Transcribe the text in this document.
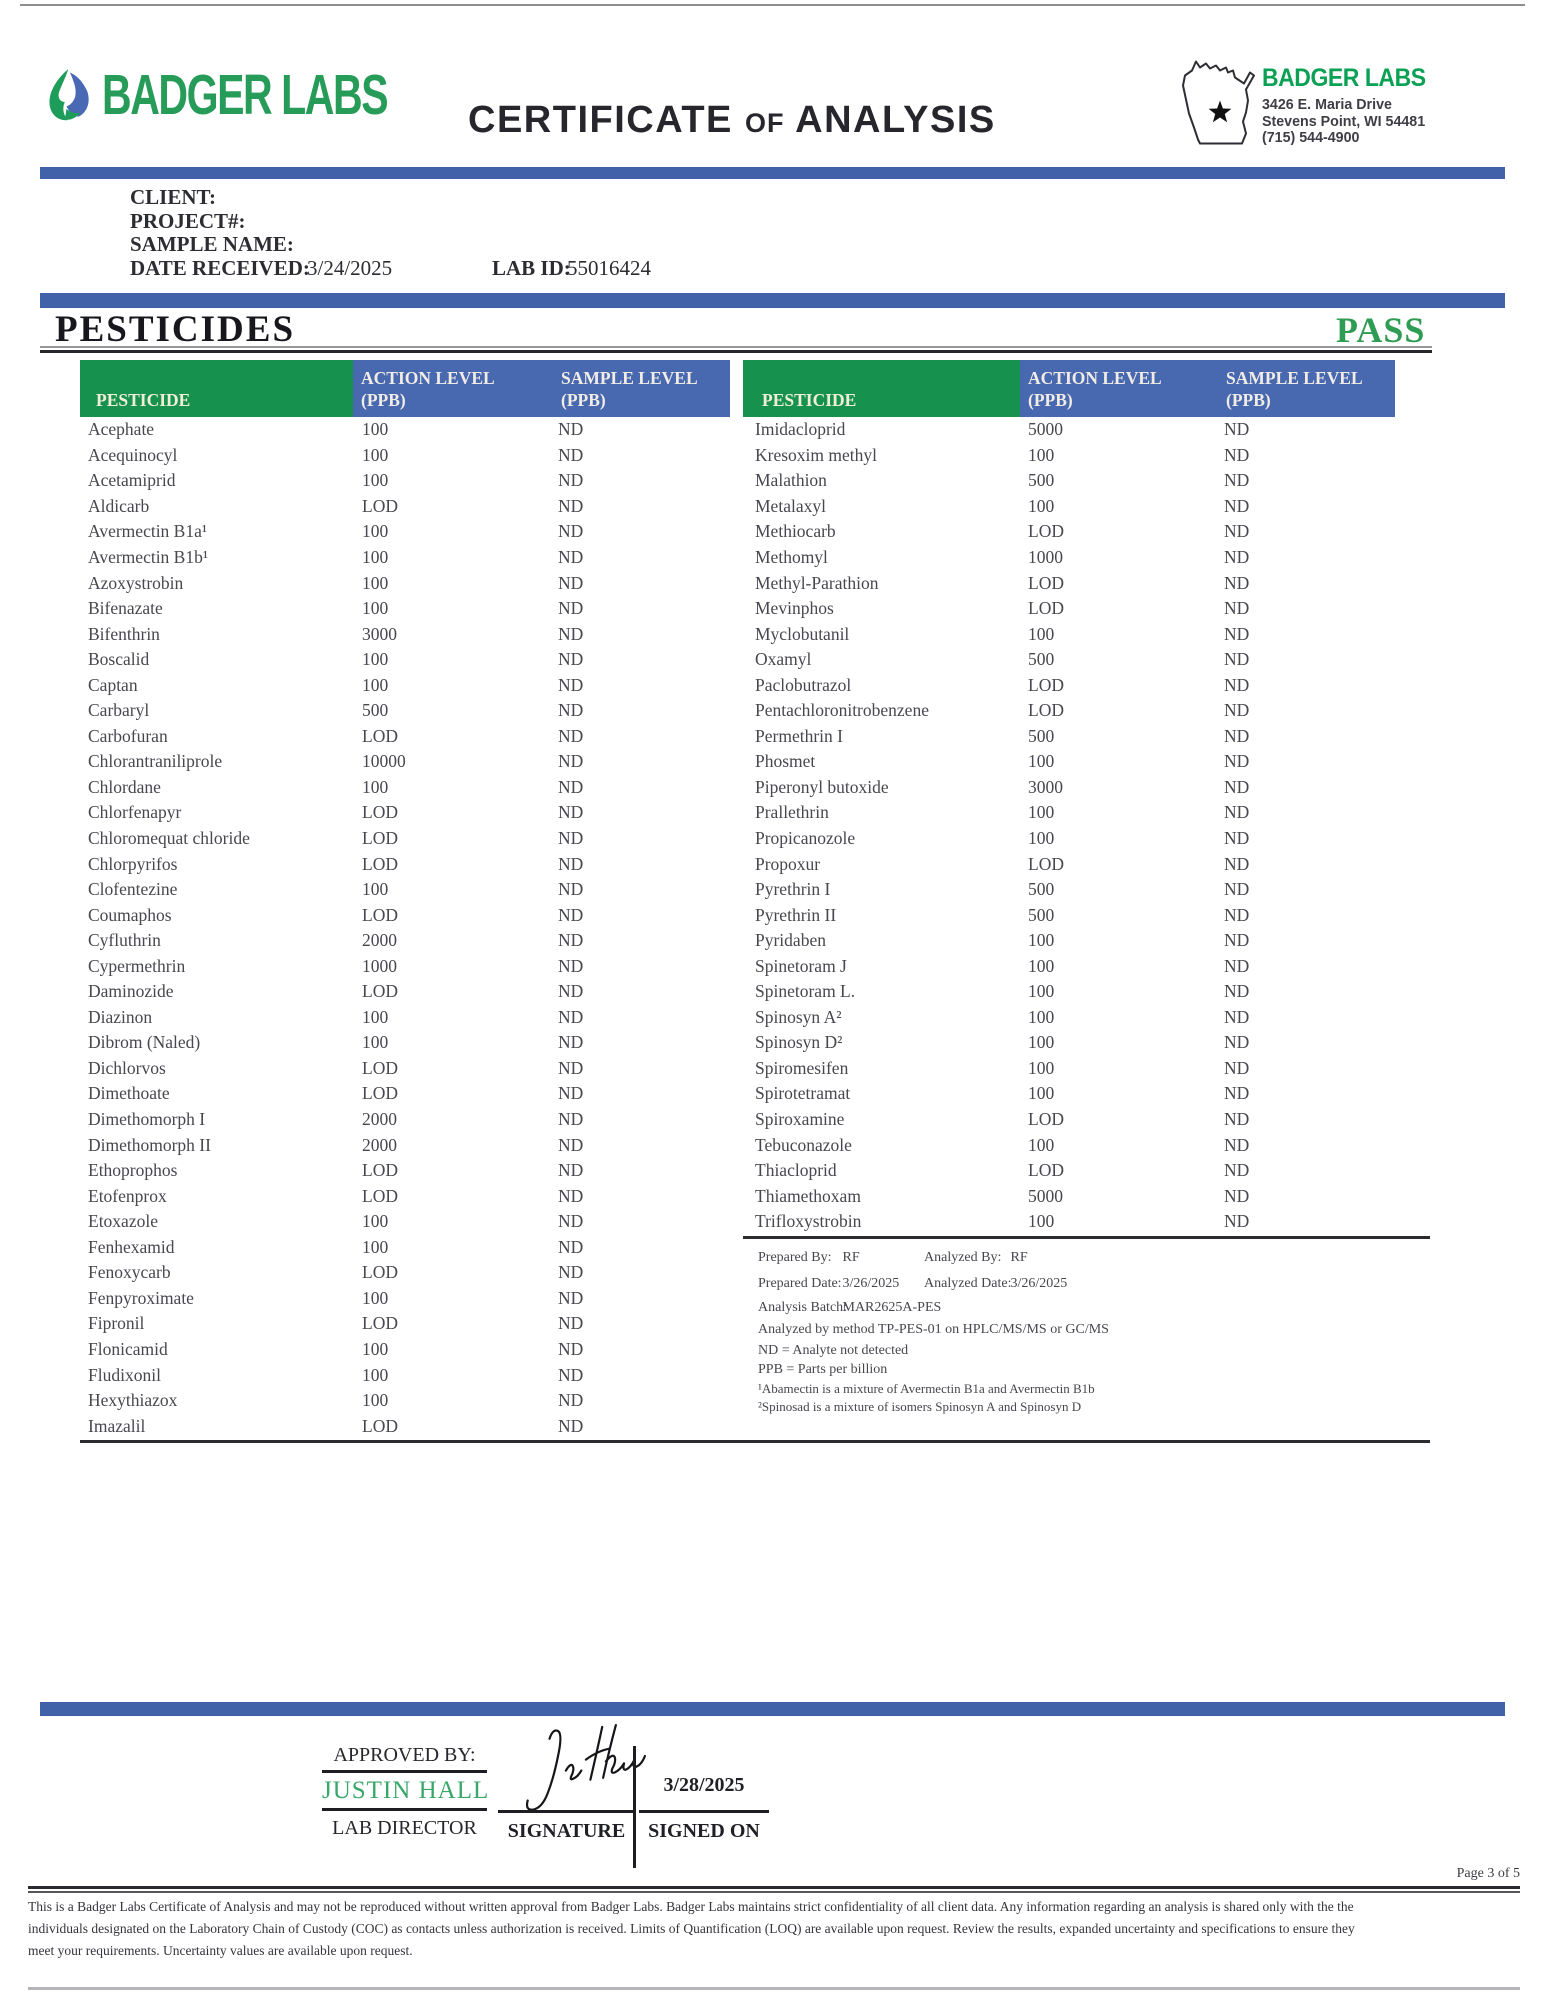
BADGER LABS CERTIFICATE OF ANALYSIS
BADGER LABS
3426 E. Maria Drive
Stevens Point, WI 54481
(715) 544-4900
CLIENT:
PROJECT#:
SAMPLE NAME:
DATE RECEIVED:
3/24/2025	LAB ID:
55016424
PESTICIDES	PASS
PESTICIDE
ACTION LEVEL
(PPB)
SAMPLE LEVEL
(PPB)
Acephate	100	ND
Acequinocyl	100	ND
Acetamiprid	100	ND
Aldicarb	LOD	ND
Avermectin B1a¹	100	ND
Avermectin B1b¹	100	ND
Azoxystrobin	100	ND
Bifenazate	100	ND
Bifenthrin	3000	ND
Boscalid	100	ND
Captan	100	ND
Carbaryl	500	ND
Carbofuran	LOD	ND
Chlorantraniliprole	10000	ND
Chlordane	100	ND
Chlorfenapyr	LOD	ND
Chloromequat chloride	LOD	ND
Chlorpyrifos	LOD	ND
Clofentezine	100	ND
Coumaphos	LOD	ND
Cyfluthrin	2000	ND
Cypermethrin	1000	ND
Daminozide	LOD	ND
Diazinon	100	ND
Dibrom (Naled)	100	ND
Dichlorvos	LOD	ND
Dimethoate	LOD	ND
Dimethomorph I	2000	ND
Dimethomorph II	2000	ND
Ethoprophos	LOD	ND
Etofenprox	LOD	ND
Etoxazole	100	ND
Fenhexamid	100	ND
Fenoxycarb	LOD	ND
Fenpyroximate	100	ND
Fipronil	LOD	ND
Flonicamid	100	ND
Fludixonil	100	ND
Hexythiazox	100	ND
Imazalil	LOD	ND
PESTICIDE
ACTION LEVEL
(PPB)
SAMPLE LEVEL
(PPB)
Imidacloprid	5000	ND
Kresoxim methyl	100	ND
Malathion	500	ND
Metalaxyl	100	ND
Methiocarb	LOD	ND
Methomyl	1000	ND
Methyl-Parathion	LOD	ND
Mevinphos	LOD	ND
Myclobutanil	100	ND
Oxamyl	500	ND
Paclobutrazol	LOD	ND
Pentachloronitrobenzene	LOD	ND
Permethrin I	500	ND
Phosmet	100	ND
Piperonyl butoxide	3000	ND
Prallethrin	100	ND
Propicanozole	100	ND
Propoxur	LOD	ND
Pyrethrin I	500	ND
Pyrethrin II	500	ND
Pyridaben	100	ND
Spinetoram J	100	ND
Spinetoram L.	100	ND
Spinosyn A²	100	ND
Spinosyn D²	100	ND
Spiromesifen	100	ND
Spirotetramat	100	ND
Spiroxamine	LOD	ND
Tebuconazole	100	ND
Thiacloprid	LOD	ND
Thiamethoxam	5000	ND
Trifloxystrobin	100	ND
Prepared By: RF	Analyzed By: RF
Prepared Date: 3/26/2025 Analyzed Date: 3/26/2025
Analysis Batch: MAR2625A-PES
Analyzed by method TP-PES-01 on HPLC/MS/MS or GC/MS
ND = Analyte not detected
PPB = Parts per billion
¹Abamectin is a mixture of Avermectin B1a and Avermectin B1b
²Spinosad is a mixture of isomers Spinosyn A and Spinosyn D
APPROVED BY:
JUSTIN HALL
LAB DIRECTOR	SIGNATURE
3/28/2025
SIGNED ON
Page 3 of 5
This is a Badger Labs Certificate of Analysis and may not be reproduced without written approval from Badger Labs. Badger Labs maintains strict confidentiality of all client data. Any information regarding an analysis is shared only with the the
individuals designated on the Laboratory Chain of Custody (COC) as contacts unless authorization is received. Limits of Quantification (LOQ) are available upon request. Review the results, expanded uncertainty and specifications to ensure they
meet your requirements. Uncertainty values are available upon request.
